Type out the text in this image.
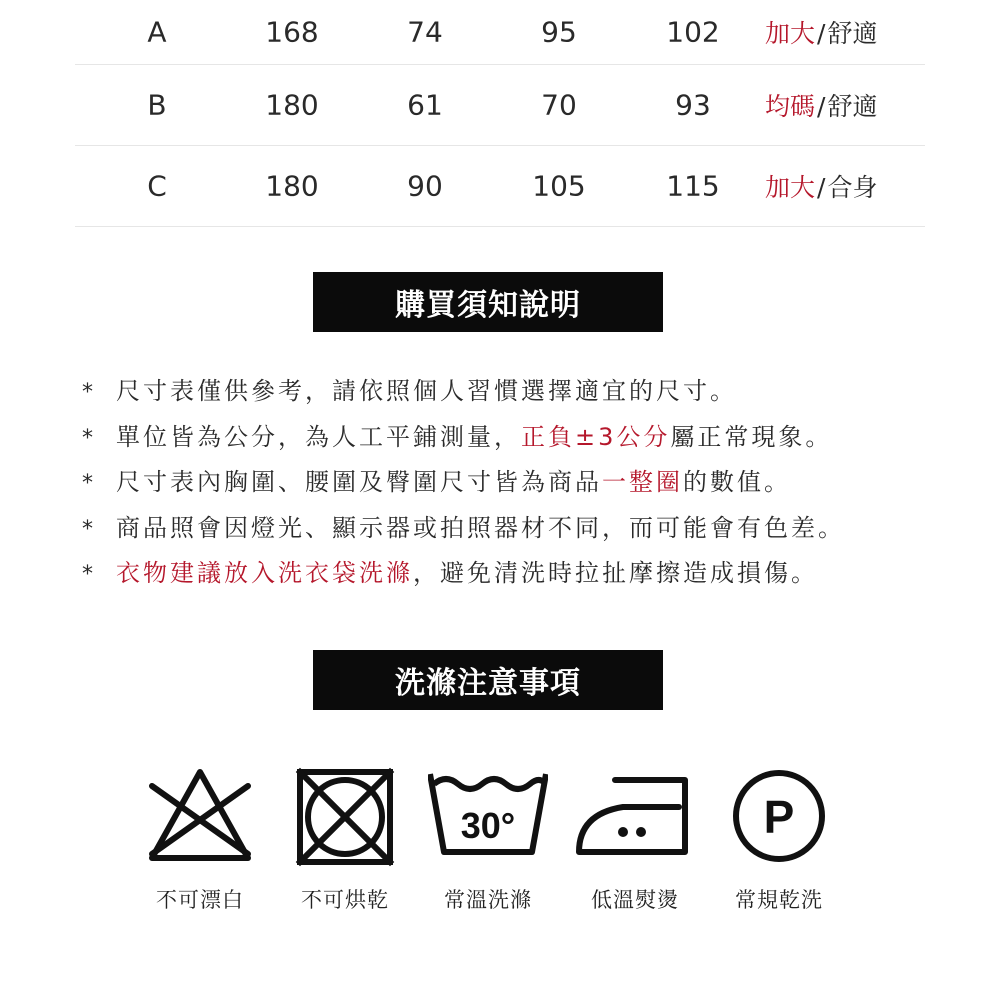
A	168	74	95	102 加大/舒適
B	180	61	70	93 均碼/舒適
C	180	90	105	115 加大/合身
購買須知說明
* 尺寸表僅供參考，請依照個人習慣選擇適宜的尺寸。
* 單位皆為公分，為人工平鋪測量，正負±3公分屬正常現象。
* 尺寸表內胸圍、腰圍及臀圍尺寸皆為商品一整圈的數值。
* 商品照會因燈光、顯示器或拍照器材不同，而可能會有色差。
* 衣物建議放入洗衣袋洗滌，避免清洗時拉扯摩擦造成損傷。
洗滌注意事項
30°	P
不可漂白	不可烘乾	常溫洗滌	低溫熨燙	常規乾洗
